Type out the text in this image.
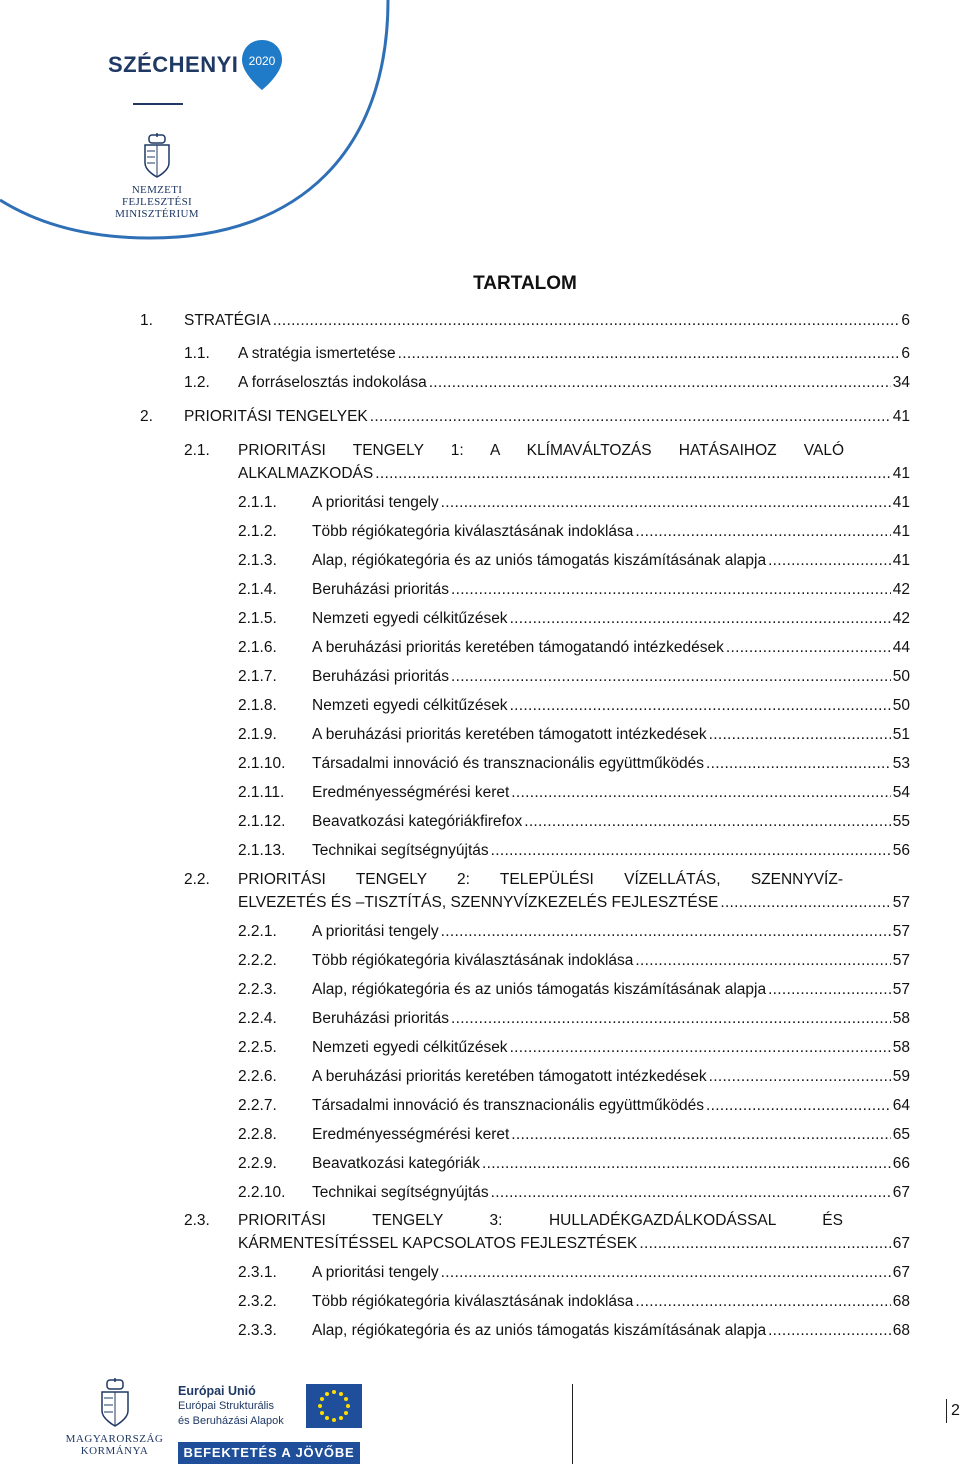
SZÉCHENYI 2020
NEMZETI FEJLESZTÉSI
MINISZTÉRIUM
TARTALOM
1.	STRATÉGIA .....	6
1.1.	A stratégia ismertetése .....	6
1.2.	A forráselosztás indokolása .....	34
2.	PRIORITÁSI TENGELYEK .....	41
2.1.	PRIORITÁSI TENGELY 1: A KLÍMAVÁLTOZÁS HATÁSAIHOZ VALÓ
ALKALMAZKODÁS .....	41
2.1.1.	A prioritási tengely .....	41
2.1.2.	Több régiókategória kiválasztásának indoklása .....	41
2.1.3.	Alap, régiókategória és az uniós támogatás kiszámításának alapja .....	41
2.1.4.	Beruházási prioritás .....	42
2.1.5.	Nemzeti egyedi célkitűzések .....	42
2.1.6.	A beruházási prioritás keretében támogatandó intézkedések .....	44
2.1.7.	Beruházási prioritás .....	50
2.1.8.	Nemzeti egyedi célkitűzések .....	50
2.1.9.	A beruházási prioritás keretében támogatott intézkedések .....	51
2.1.10.	Társadalmi innováció és transznacionális együttműködés .....	53
2.1.11.	Eredményességmérési keret .....	54
2.1.12.	Beavatkozási kategóriákfirefox .....	55
2.1.13.	Technikai segítségnyújtás .....	56
2.2.	PRIORITÁSI TENGELY 2: TELEPÜLÉSI VÍZELLÁTÁS, SZENNYVÍZ-
ELVEZETÉS ÉS –TISZTÍTÁS, SZENNYVÍZKEZELÉS FEJLESZTÉSE .....	57
2.2.1.	A prioritási tengely .....	57
2.2.2.	Több régiókategória kiválasztásának indoklása .....	57
2.2.3.	Alap, régiókategória és az uniós támogatás kiszámításának alapja .....	57
2.2.4.	Beruházási prioritás .....	58
2.2.5.	Nemzeti egyedi célkitűzések .....	58
2.2.6.	A beruházási prioritás keretében támogatott intézkedések .....	59
2.2.7.	Társadalmi innováció és transznacionális együttműködés .....	64
2.2.8.	Eredményességmérési keret .....	65
2.2.9.	Beavatkozási kategóriák .....	66
2.2.10.	Technikai segítségnyújtás .....	67
2.3.	PRIORITÁSI TENGELY 3: HULLADÉKGAZDÁLKODÁSSAL ÉS
KÁRMENTESÍTÉSSEL KAPCSOLATOS FEJLESZTÉSEK .....	67
2.3.1.	A prioritási tengely .....	67
2.3.2.	Több régiókategória kiválasztásának indoklása .....	68
2.3.3.	Alap, régiókategória és az uniós támogatás kiszámításának alapja .....	68
MAGYARORSZÁG
KORMÁNYA
Európai Unió
Európai Strukturális
és Beruházási Alapok
BEFEKTETÉS A JÖVŐBE
2
